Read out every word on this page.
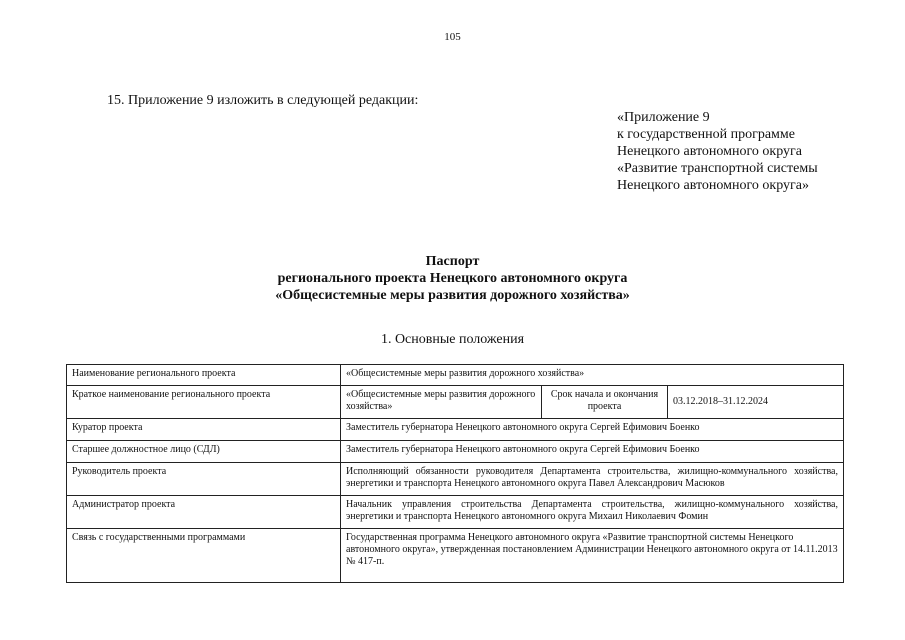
105
15. Приложение 9 изложить в следующей редакции:
«Приложение 9
к государственной программе
Ненецкого автономного округа
«Развитие транспортной системы
Ненецкого автономного округа»
Паспорт
регионального проекта Ненецкого автономного округа
«Общесистемные меры развития дорожного хозяйства»
1. Основные положения
Наименование регионального проекта	«Общесистемные меры развития дорожного хозяйства»		
Краткое наименование регионального проекта	«Общесистемные меры развития дорожного хозяйства»	Срок начала и окончания проекта	03.12.2018–31.12.2024
Куратор проекта	Заместитель губернатора Ненецкого автономного округа Сергей Ефимович Боенко		
Старшее должностное лицо (СДЛ)	Заместитель губернатора Ненецкого автономного округа Сергей Ефимович Боенко		
Руководитель проекта	Исполняющий обязанности руководителя Департамента строительства, жилищно-коммунального хозяйства, энергетики и транспорта Ненецкого автономного округа Павел Александрович Масюков		
Администратор проекта	Начальник управления строительства Департамента строительства, жилищно-коммунального хозяйства, энергетики и транспорта Ненецкого автономного округа Михаил Николаевич Фомин		
Связь с государственными программами	Государственная программа Ненецкого автономного округа «Развитие транспортной системы Ненецкого автономного округа», утвержденная постановлением Администрации Ненецкого автономного округа от 14.11.2013 № 417-п.		
